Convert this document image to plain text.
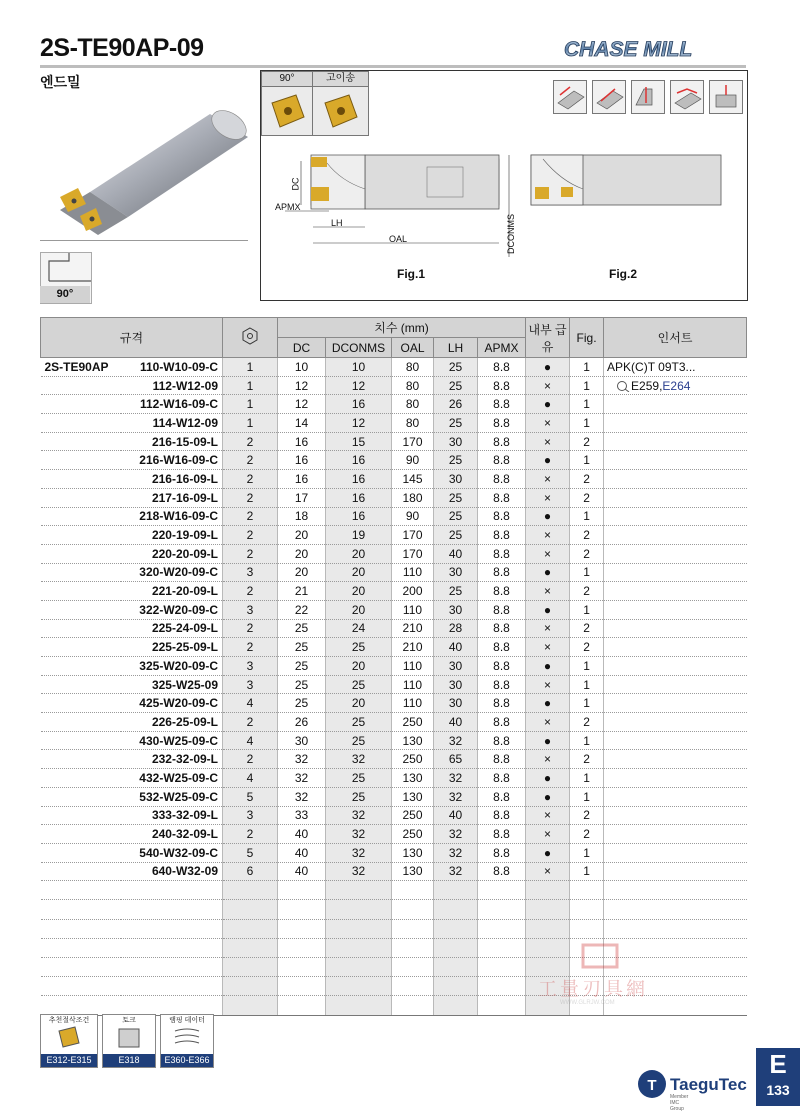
2S-TE90AP-09	CHASE MILL
엔드밀
90°
DC
APMX
LH
OAL	DCONMS
Fig.1	Fig.2
90°	고이송
규격			치수 (mm)					내부 급유	Fig.	인서트
			DC	DCONMS	OAL	LH	APMX			
2S-TE90AP	110-W10-09-C	1	10	10	80	25	8.8	●	1	APK(C)T 09T3...
	112-W12-09	1	12	12	80	25	8.8	×	1	E259,E264
	112-W16-09-C	1	12	16	80	26	8.8	●	1	
	114-W12-09	1	14	12	80	25	8.8	×	1	
	216-15-09-L	2	16	15	170	30	8.8	×	2	
	216-W16-09-C	2	16	16	90	25	8.8	●	1	
	216-16-09-L	2	16	16	145	30	8.8	×	2	
	217-16-09-L	2	17	16	180	25	8.8	×	2	
	218-W16-09-C	2	18	16	90	25	8.8	●	1	
	220-19-09-L	2	20	19	170	25	8.8	×	2	
	220-20-09-L	2	20	20	170	40	8.8	×	2	
	320-W20-09-C	3	20	20	110	30	8.8	●	1	
	221-20-09-L	2	21	20	200	25	8.8	×	2	
	322-W20-09-C	3	22	20	110	30	8.8	●	1	
	225-24-09-L	2	25	24	210	28	8.8	×	2	
	225-25-09-L	2	25	25	210	40	8.8	×	2	
	325-W20-09-C	3	25	20	110	30	8.8	●	1	
	325-W25-09	3	25	25	110	30	8.8	×	1	
	425-W20-09-C	4	25	20	110	30	8.8	●	1	
	226-25-09-L	2	26	25	250	40	8.8	×	2	
	430-W25-09-C	4	30	25	130	32	8.8	●	1	
	232-32-09-L	2	32	32	250	65	8.8	×	2	
	432-W25-09-C	4	32	25	130	32	8.8	●	1	
	532-W25-09-C	5	32	25	130	32	8.8	●	1	
	333-32-09-L	3	33	32	250	40	8.8	×	2	
	240-32-09-L	2	40	32	250	32	8.8	×	2	
	540-W32-09-C	5	40	32	130	32	8.8	●	1	
	640-W32-09	6	40	32	130	32	8.8	×	1	

工量刃具網
WWW.GLRJW.COM
추천절삭조건
E312-E315
토크
E318
램핑 데이터
E360-E366
T TaeguTec
Member IMC Group
E
133
